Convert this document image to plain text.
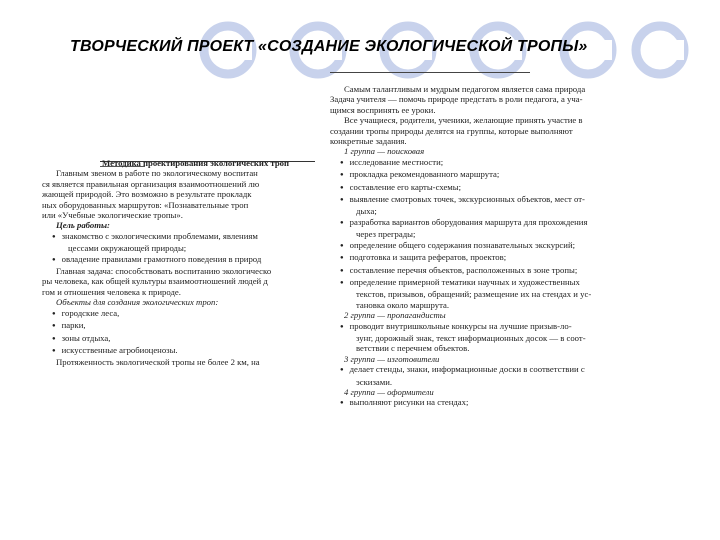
ТВОРЧЕСКИЙ ПРОЕКТ «СОЗДАНИЕ ЭКОЛОГИЧЕСКОЙ ТРОПЫ»
Методика проектирования экологических троп
Главным звеном в работе по экологическому воспитан
ся является правильная организация взаимоотношений лю
жающей природой. Это возможно в результате прокладк
ных оборудованных маршрутов: «Познавательные троп
или «Учебные экологические тропы».
Цель работы:
● знакомство с экологическими проблемами, явлениям
цессами окружающей природы;
● овладение правилами грамотного поведения в природ
Главная задача: способствовать воспитанию экологическо
ры человека, как общей культуры взаимоотношений людей д
гом и отношения человека к природе.
Объекты для создания экологических троп:
● городские леса,
● парки,
● зоны отдыха,
● искусственные агробиоценозы.
Протяженность экологической тропы не более 2 км, на
Самым талантливым и мудрым педагогом является сама природа
Задача учителя — помочь природе предстать в роли педагога, а уча-
щимся воспринять ее уроки.
Все учащиеся, родители, ученики, желающие принять участие в
создании тропы природы делятся на группы, которые выполняют
конкретные задания.
1 группа — поисковая
● исследование местности;
● прокладка рекомендованного маршрута;
● составление его карты-схемы;
● выявление смотровых точек, экскурсионных объектов, мест от-
дыха;
● разработка вариантов оборудования маршрута для прохождения
через преграды;
● определение общего содержания познавательных экскурсий;
● подготовка и защита рефератов, проектов;
● составление перечня объектов, расположенных в зоне тропы;
● определение примерной тематики научных и художественных
текстов, призывов, обращений; размещение их на стендах и ус-
тановка около маршрута.
2 группа — пропагандисты
● проводит внутришкольные конкурсы на лучшие призыв-ло-
зунг, дорожный знак, текст информационных досок — в соот-
ветствии с перечнем объектов.
3 группа — изготовители
● делает стенды, знаки, информационные доски в соответствии с
эскизами.
4 группа — оформители
● выполняют рисунки на стендах;
